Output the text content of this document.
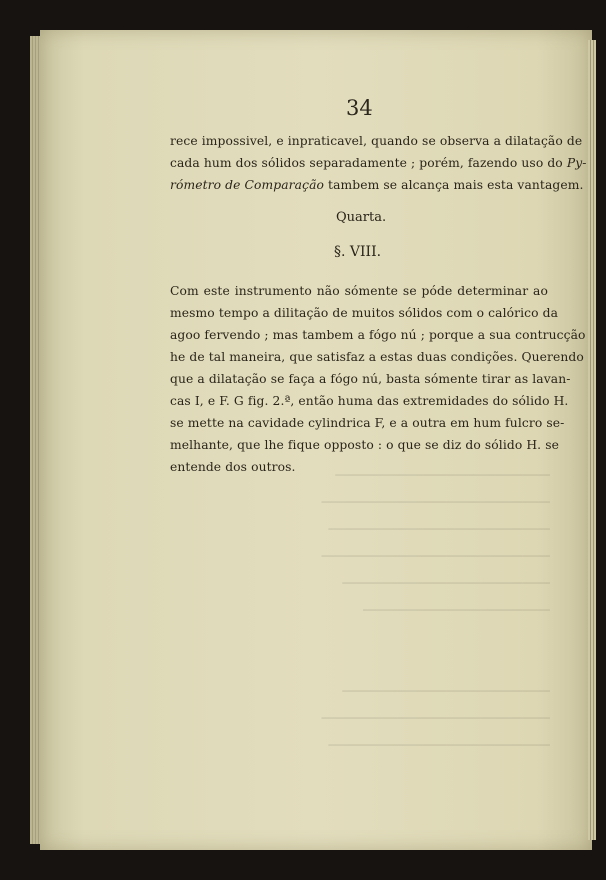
───────────────────────────────
─────────────────────────────────
────────────────────────────────
─────────────────────────────────
──────────────────────────────
───────────────────────────

──────────────────────────────
─────────────────────────────────
────────────────────────────────
34
rece impossivel, e inpraticavel, quando se observa a dilatação de
cada hum dos sólidos separadamente ; porém, fazendo uso do Py-
rómetro de Comparação tambem se alcança mais esta vantagem.
Quarta.
§. VIII.
Com este instrumento não sómente se póde determinar ao
mesmo tempo a dilitação de muitos sólidos com o calórico da
agoo fervendo ; mas tambem a fógo nú ; porque a sua contrucção
he de tal maneira, que satisfaz a estas duas condições. Querendo
que a dilatação se faça a fógo nú, basta sómente tirar as lavan-
cas I, e F. G fig. 2.ª, então huma das extremidades do sólido H.
se mette na cavidade cylindrica F, e a outra em hum fulcro se-
melhante, que lhe fique opposto : o que se diz do sólido H. se
entende dos outros.
